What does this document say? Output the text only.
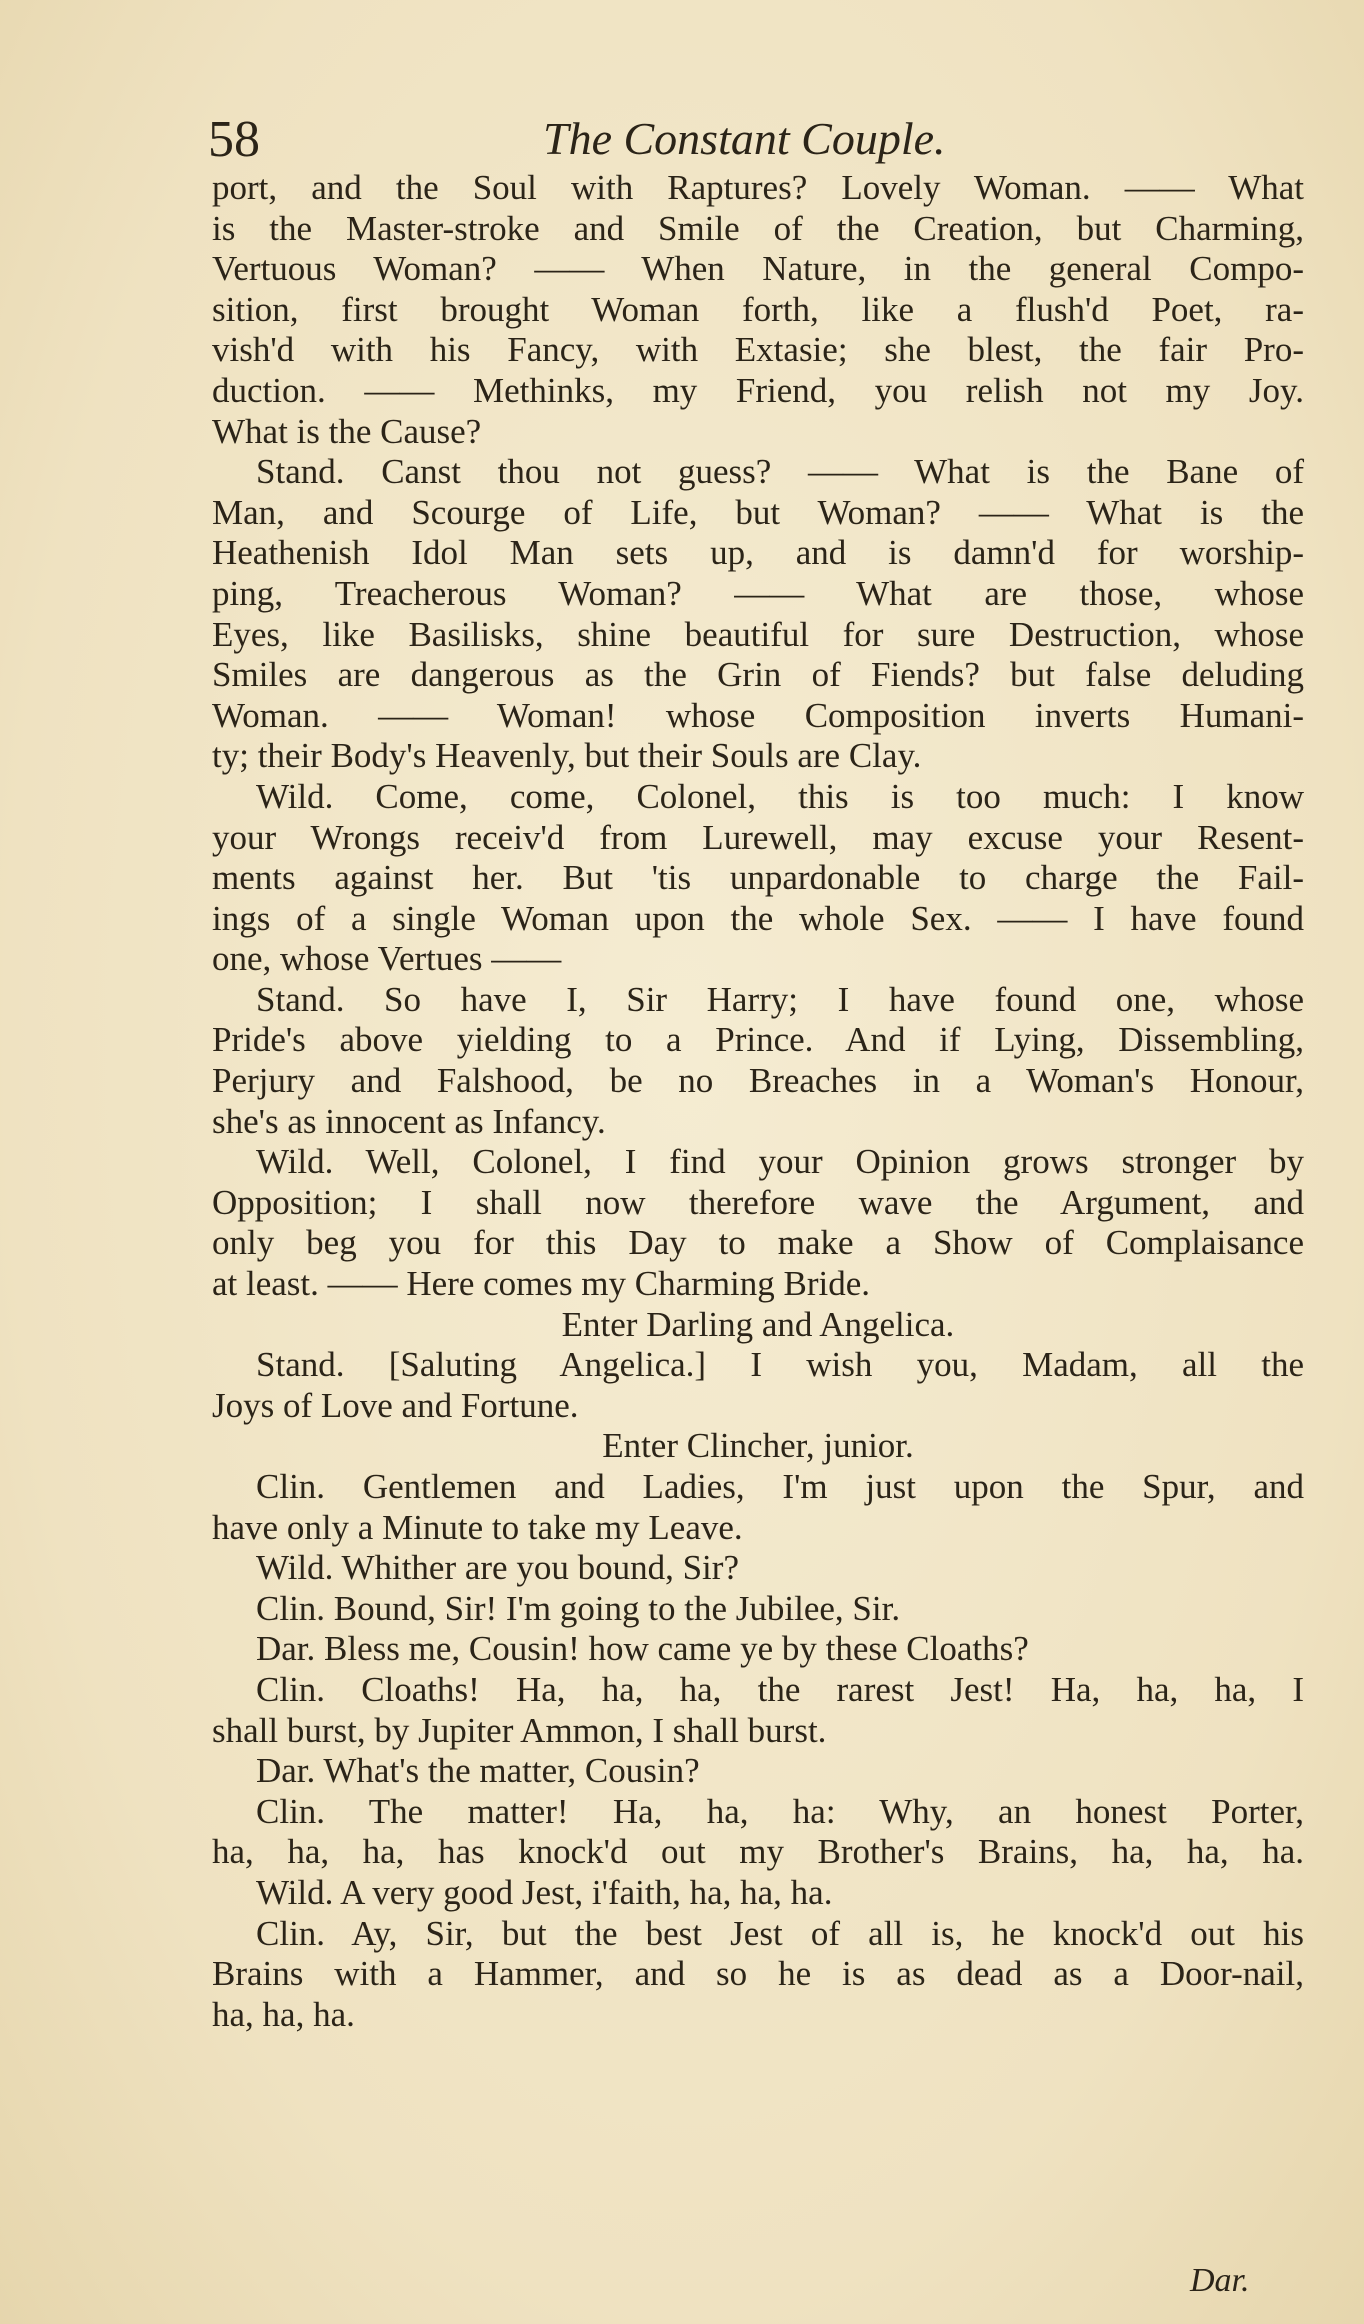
58	The Constant Couple.
port, and the Soul with Raptures? Lovely Woman. —— What
is the Master-stroke and Smile of the Creation, but Charming,
Vertuous Woman? —— When Nature, in the general Compo-
sition, first brought Woman forth, like a flush'd Poet, ra-
vish'd with his Fancy, with Extasie; she blest, the fair Pro-
duction. —— Methinks, my Friend, you relish not my Joy.
What is the Cause?
Stand. Canst thou not guess? —— What is the Bane of
Man, and Scourge of Life, but Woman? —— What is the
Heathenish Idol Man sets up, and is damn'd for worship-
ping, Treacherous Woman? —— What are those, whose
Eyes, like Basilisks, shine beautiful for sure Destruction, whose
Smiles are dangerous as the Grin of Fiends? but false deluding
Woman. —— Woman! whose Composition inverts Humani-
ty; their Body's Heavenly, but their Souls are Clay.
Wild. Come, come, Colonel, this is too much: I know
your Wrongs receiv'd from Lurewell, may excuse your Resent-
ments against her. But 'tis unpardonable to charge the Fail-
ings of a single Woman upon the whole Sex. —— I have found
one, whose Vertues ——
Stand. So have I, Sir Harry; I have found one, whose
Pride's above yielding to a Prince. And if Lying, Dissembling,
Perjury and Falshood, be no Breaches in a Woman's Honour,
she's as innocent as Infancy.
Wild. Well, Colonel, I find your Opinion grows stronger by
Opposition; I shall now therefore wave the Argument, and
only beg you for this Day to make a Show of Complaisance
at least. —— Here comes my Charming Bride.
Enter Darling and Angelica.
Stand. [Saluting Angelica.] I wish you, Madam, all the
Joys of Love and Fortune.
Enter Clincher, junior.
Clin. Gentlemen and Ladies, I'm just upon the Spur, and
have only a Minute to take my Leave.
Wild. Whither are you bound, Sir?
Clin. Bound, Sir! I'm going to the Jubilee, Sir.
Dar. Bless me, Cousin! how came ye by these Cloaths?
Clin. Cloaths! Ha, ha, ha, the rarest Jest! Ha, ha, ha, I
shall burst, by Jupiter Ammon, I shall burst.
Dar. What's the matter, Cousin?
Clin. The matter! Ha, ha, ha: Why, an honest Porter,
ha, ha, ha, has knock'd out my Brother's Brains, ha, ha, ha.
Wild. A very good Jest, i'faith, ha, ha, ha.
Clin. Ay, Sir, but the best Jest of all is, he knock'd out his
Brains with a Hammer, and so he is as dead as a Door-nail,
ha, ha, ha.
Dar.
